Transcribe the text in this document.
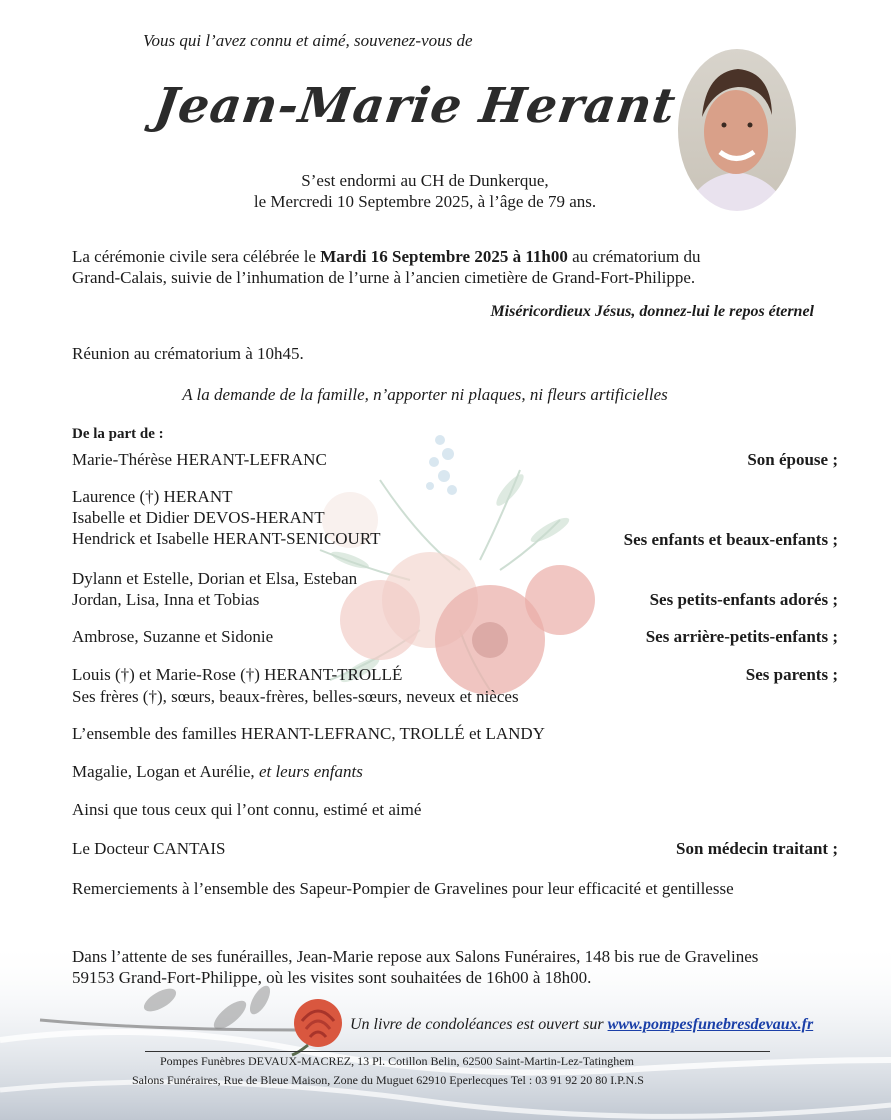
Vous qui l’avez connu et aimé, souvenez-vous de
Jean-Marie Herant
S’est endormi au CH de Dunkerque,
le Mercredi 10 Septembre 2025, à l’âge de 79 ans.
La cérémonie civile sera célébrée le Mardi 16 Septembre 2025 à 11h00 au crématorium du
Grand-Calais, suivie de l’inhumation de l’urne à l’ancien cimetière de Grand-Fort-Philippe.
Miséricordieux Jésus, donnez-lui le repos éternel
Réunion au crématorium à 10h45.
A la demande de la famille, n’apporter ni plaques, ni fleurs artificielles
De la part de :
Marie-Thérèse HERANT-LEFRANC	Son épouse ;
Laurence (†) HERANT
Isabelle et Didier DEVOS-HERANT
Hendrick et Isabelle HERANT-SENICOURT	Ses enfants et beaux-enfants ;
Dylann et Estelle, Dorian et Elsa, Esteban
Jordan, Lisa, Inna et Tobias	Ses petits-enfants adorés ;
Ambrose, Suzanne et Sidonie	Ses arrière-petits-enfants ;
Louis (†) et Marie-Rose (†) HERANT-TROLLÉ	Ses parents ;
Ses frères (†), sœurs, beaux-frères, belles-sœurs, neveux et nièces
L’ensemble des familles HERANT-LEFRANC, TROLLÉ et LANDY
Magalie, Logan et Aurélie, et leurs enfants
Ainsi que tous ceux qui l’ont connu, estimé et aimé
Le Docteur CANTAIS	Son médecin traitant ;
Remerciements à l’ensemble des Sapeur-Pompier de Gravelines pour leur efficacité et gentillesse
Dans l’attente de ses funérailles, Jean-Marie repose aux Salons Funéraires, 148 bis rue de Gravelines
59153 Grand-Fort-Philippe, où les visites sont souhaitées de 16h00 à 18h00.
Un livre de condoléances est ouvert sur www.pompesfunebresdevaux.fr
Pompes Funèbres DEVAUX-MACREZ, 13 Pl. Cotillon Belin, 62500 Saint-Martin-Lez-Tatinghem
Salons Funéraires, Rue de Bleue Maison, Zone du Muguet 62910 Eperlecques Tel : 03 91 92 20 80 I.P.N.S
